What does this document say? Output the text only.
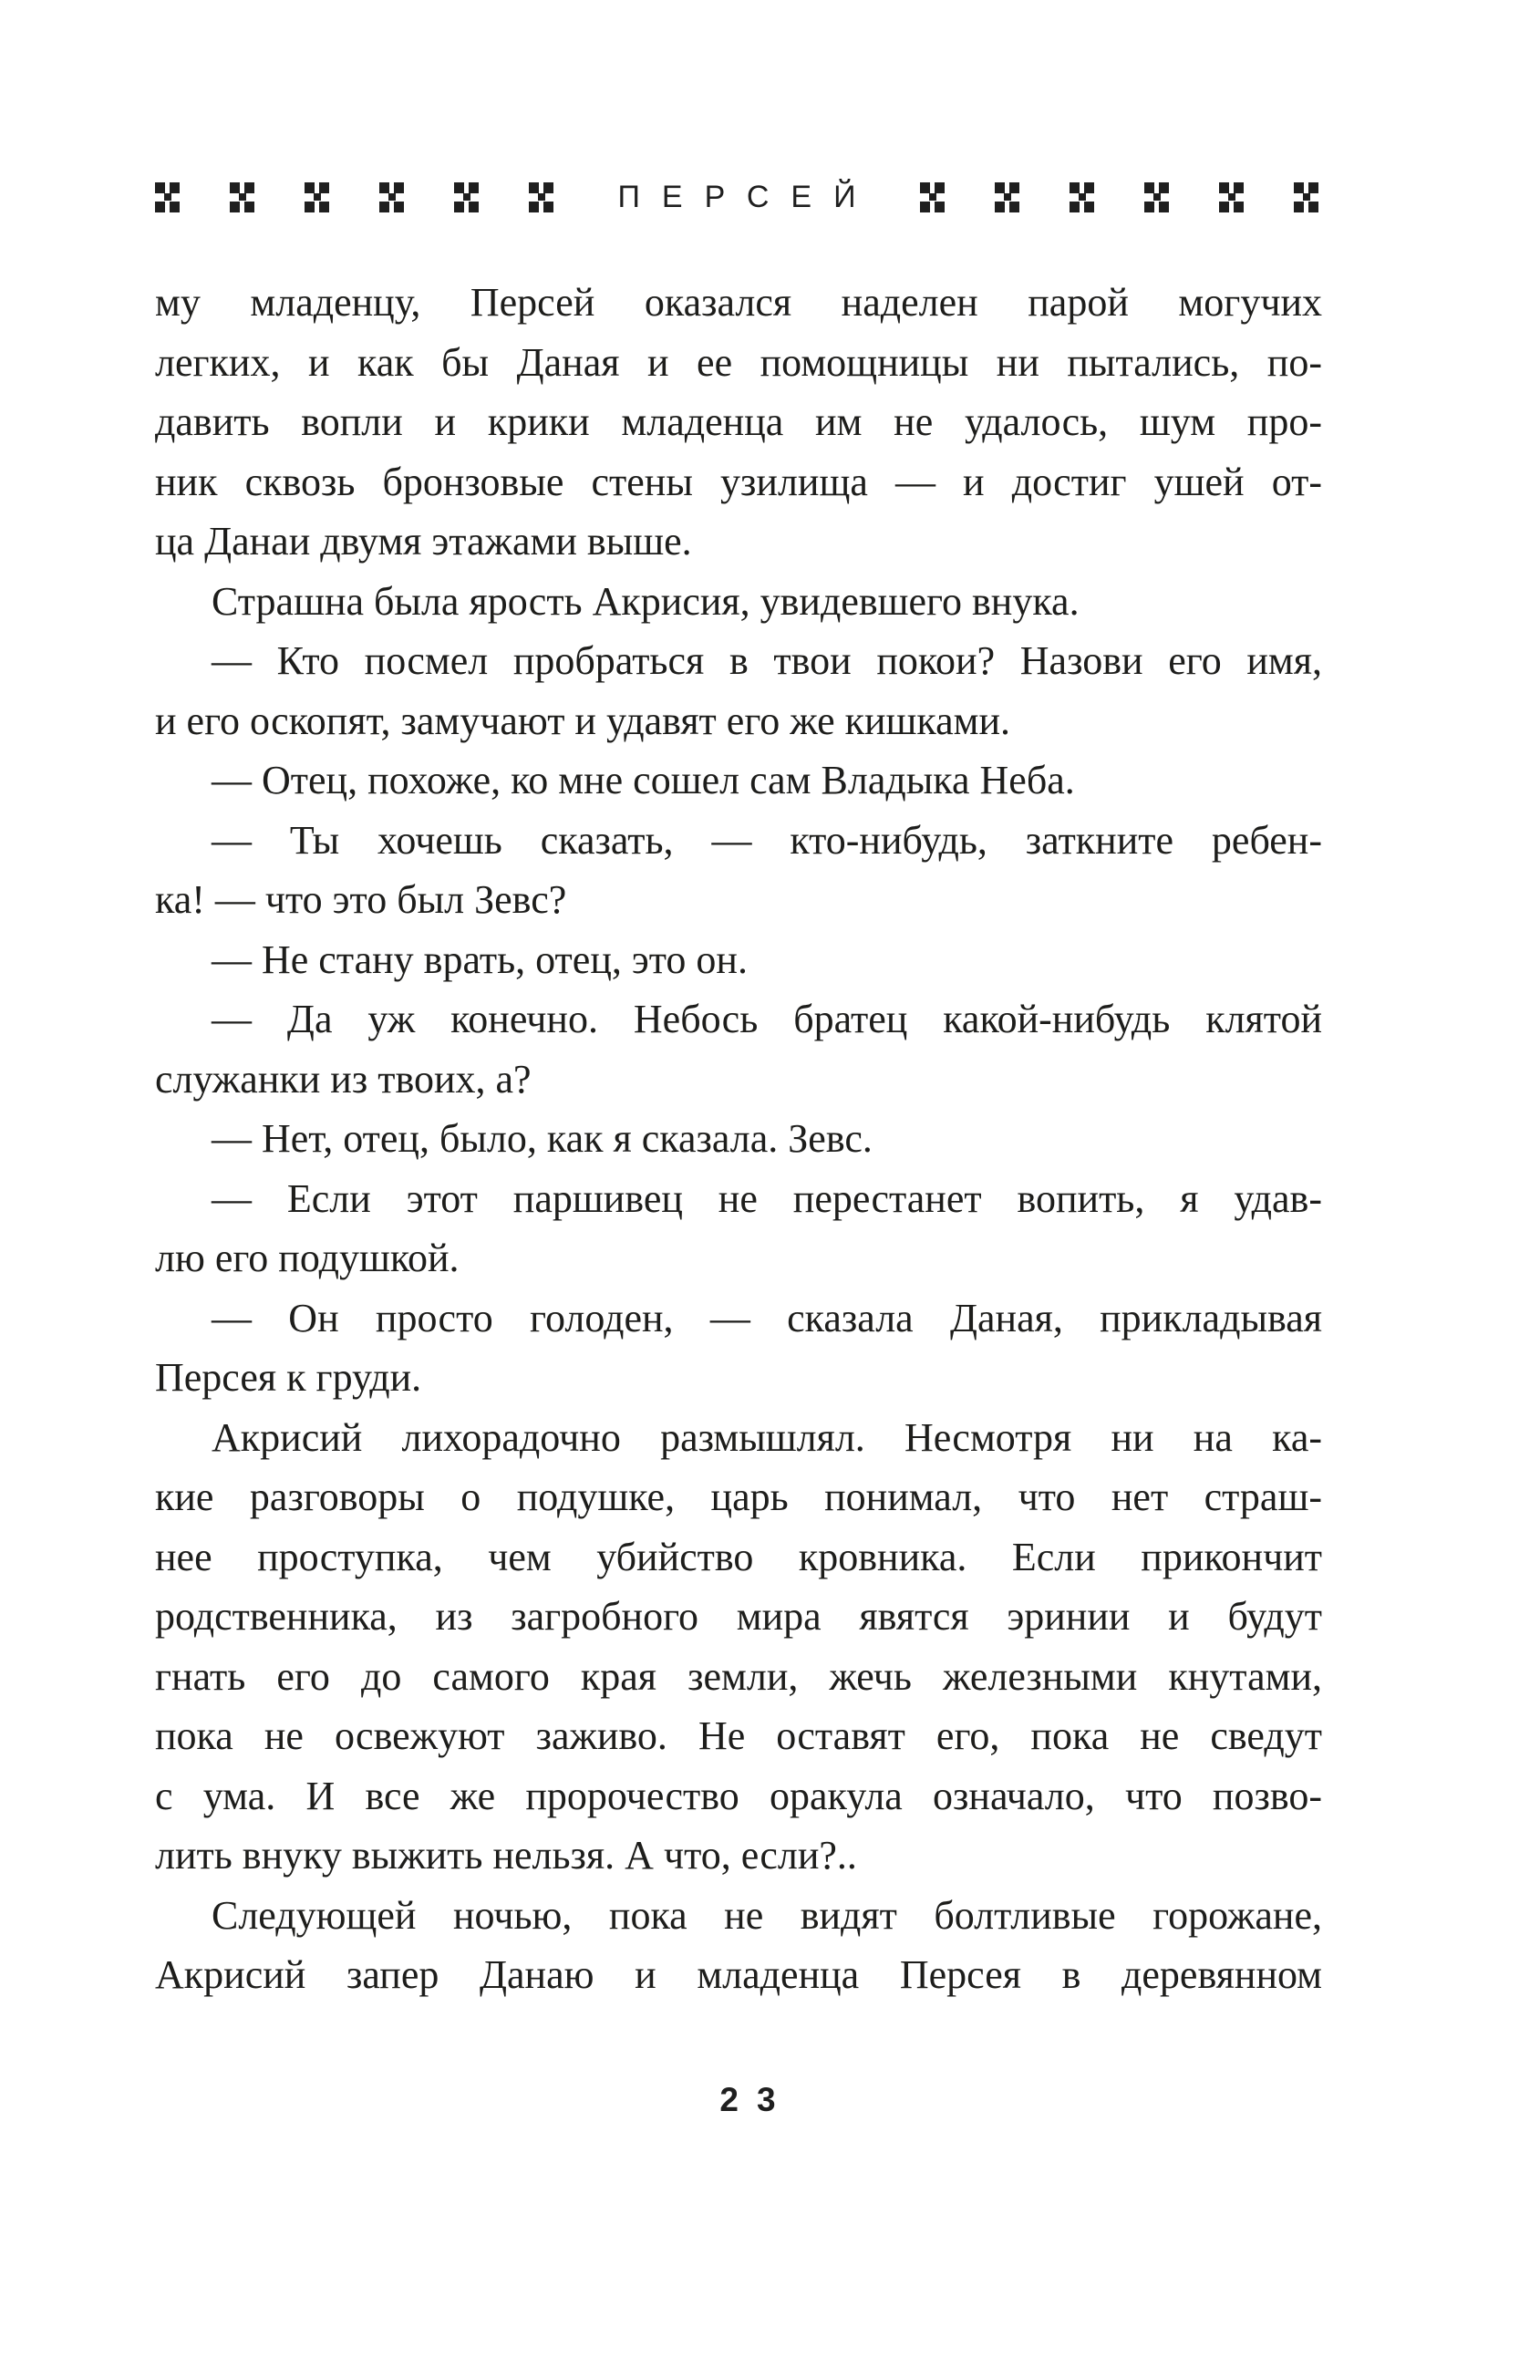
ПЕРСЕЙ
му младенцу, Персей оказался наделен парой могучих
легких, и как бы Даная и ее помощницы ни пытались, по-
давить вопли и крики младенца им не удалось, шум про-
ник сквозь бронзовые стены узилища — и достиг ушей от-
ца Данаи двумя этажами выше.
Страшна была ярость Акрисия, увидевшего внука.
— Кто посмел пробраться в твои покои? Назови его имя,
и его оскопят, замучают и удавят его же кишками.
— Отец, похоже, ко мне сошел сам Владыка Неба.
— Ты хочешь сказать, — кто-нибудь, заткните ребен-
ка! — что это был Зевс?
— Не стану врать, отец, это он.
— Да уж конечно. Небось братец какой-нибудь клятой
служанки из твоих, а?
— Нет, отец, было, как я сказала. Зевс.
— Если этот паршивец не перестанет вопить, я удав-
лю его подушкой.
— Он просто голоден, — сказала Даная, прикладывая
Персея к груди.
Акрисий лихорадочно размышлял. Несмотря ни на ка-
кие разговоры о подушке, царь понимал, что нет страш-
нее проступка, чем убийство кровника. Если прикончит
родственника, из загробного мира явятся эринии и будут
гнать его до самого края земли, жечь железными кнутами,
пока не освежуют заживо. Не оставят его, пока не сведут
с ума. И все же пророчество оракула означало, что позво-
лить внуку выжить нельзя. А что, если?..
Следующей ночью, пока не видят болтливые горожане,
Акрисий запер Данаю и младенца Персея в деревянном
23
